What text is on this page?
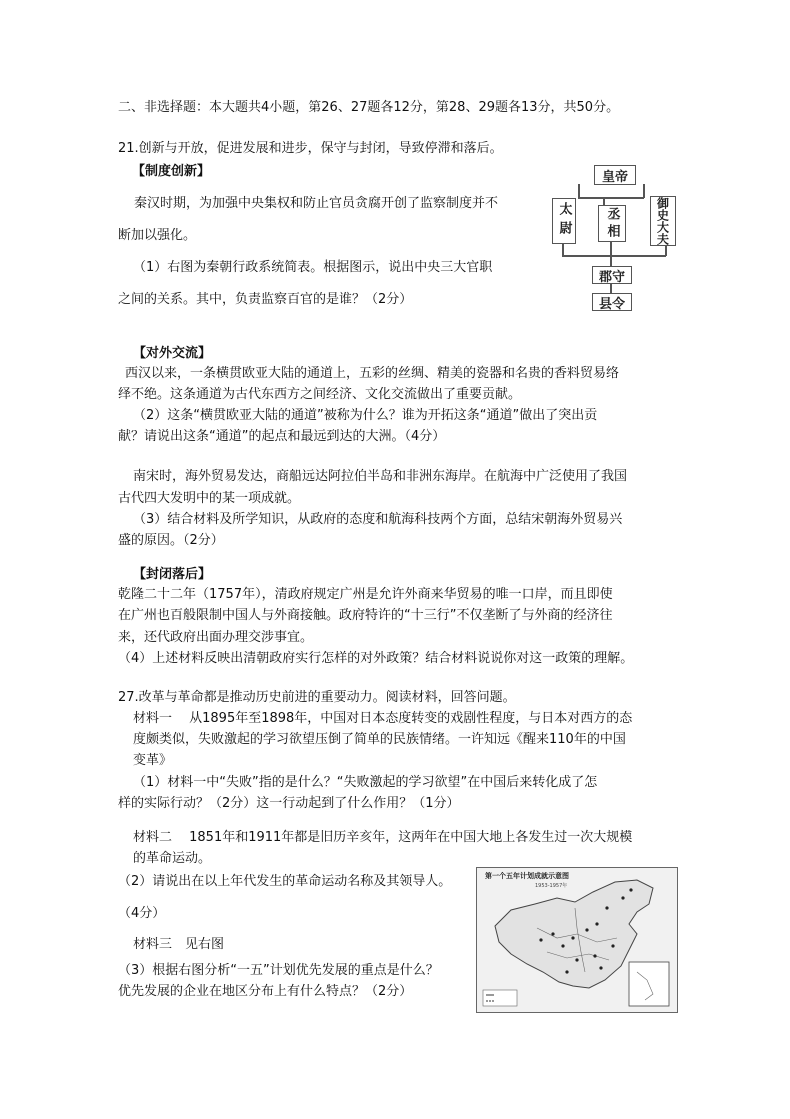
二、非选择题：本大题共4小题，第26、27题各12分，第28、29题各13分，共50分。
21.创新与开放，促进发展和进步，保守与封闭，导致停滞和落后。
【制度创新】
秦汉时期，为加强中央集权和防止官员贪腐开创了监察制度并不
断加以强化。
（1）右图为秦朝行政系统简表。根据图示，说出中央三大官职
之间的关系。其中，负责监察百官的是谁？（2分）
皇帝
太尉	丞相	御史大夫
郡守
县令
【对外交流】
西汉以来，一条横贯欧亚大陆的通道上，五彩的丝绸、精美的瓷器和名贵的香料贸易络
绎不绝。这条通道为古代东西方之间经济、文化交流做出了重要贡献。
（2）这条“横贯欧亚大陆的通道”被称为什么？谁为开拓这条“通道”做出了突出贡
献？请说出这条“通道”的起点和最远到达的大洲。（4分）
南宋时，海外贸易发达，商船远达阿拉伯半岛和非洲东海岸。在航海中广泛使用了我国
古代四大发明中的某一项成就。
（3）结合材料及所学知识，从政府的态度和航海科技两个方面，总结宋朝海外贸易兴
盛的原因。（2分）
【封闭落后】
乾隆二十二年（1757年），清政府规定广州是允许外商来华贸易的唯一口岸，而且即使
在广州也百般限制中国人与外商接触。政府特许的“十三行”不仅垄断了与外商的经济往
来，还代政府出面办理交涉事宜。
（4）上述材料反映出清朝政府实行怎样的对外政策？结合材料说说你对这一政策的理解。
27.改革与革命都是推动历史前进的重要动力。阅读材料，回答问题。
材料一　 从1895年至1898年，中国对日本态度转变的戏剧性程度，与日本对西方的态
度颇类似，失败激起的学习欲望压倒了简单的民族情绪。一许知远《醒来110年的中国
变革》
（1）材料一中“失败”指的是什么？“失败激起的学习欲望”在中国后来转化成了怎
样的实际行动？（2分）这一行动起到了什么作用？（1分）
材料二　 1851年和1911年都是旧历辛亥年，这两年在中国大地上各发生过一次大规模
的革命运动。
（2）请说出在以上年代发生的革命运动名称及其领导人。
（4分）
材料三　见右图
（3）根据右图分析“一五”计划优先发展的重点是什么？
优先发展的企业在地区分布上有什么特点？（2分）
第一个五年计划成就示意图
1953-1957年
